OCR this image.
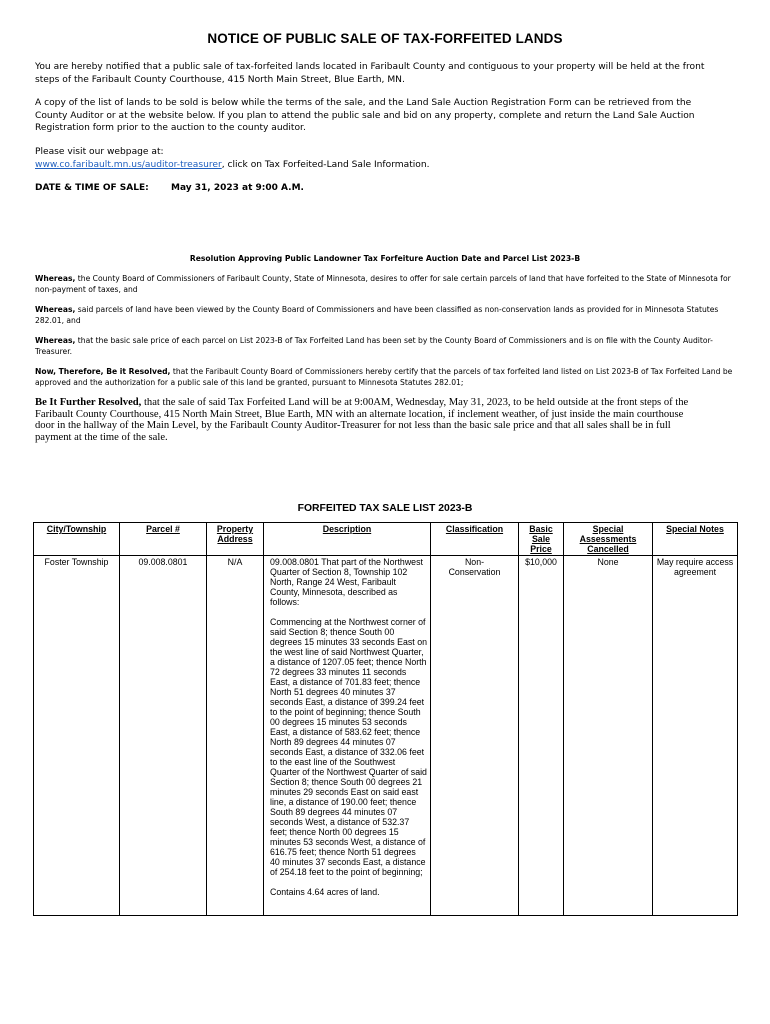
NOTICE OF PUBLIC SALE OF TAX-FORFEITED LANDS
You are hereby notified that a public sale of tax-forfeited lands located in Faribault County and contiguous to your property will be held at the front steps of the Faribault County Courthouse, 415 North Main Street, Blue Earth, MN.
A copy of the list of lands to be sold is below while the terms of the sale, and the Land Sale Auction Registration Form can be retrieved from the County Auditor or at the website below. If you plan to attend the public sale and bid on any property, complete and return the Land Sale Auction Registration form prior to the auction to the county auditor.
Please visit our webpage at:
www.co.faribault.mn.us/auditor-treasurer, click on Tax Forfeited-Land Sale Information.
DATE & TIME OF SALE: May 31, 2023 at 9:00 A.M.
Resolution Approving Public Landowner Tax Forfeiture Auction Date and Parcel List 2023-B
Whereas, the County Board of Commissioners of Faribault County, State of Minnesota, desires to offer for sale certain parcels of land that have forfeited to the State of Minnesota for non-payment of taxes, and
Whereas, said parcels of land have been viewed by the County Board of Commissioners and have been classified as non-conservation lands as provided for in Minnesota Statutes 282.01, and
Whereas, that the basic sale price of each parcel on List 2023-B of Tax Forfeited Land has been set by the County Board of Commissioners and is on file with the County Auditor-Treasurer.
Now, Therefore, Be it Resolved, that the Faribault County Board of Commissioners hereby certify that the parcels of tax forfeited land listed on List 2023-B of Tax Forfeited Land be approved and the authorization for a public sale of this land be granted, pursuant to Minnesota Statutes 282.01;
Be It Further Resolved, that the sale of said Tax Forfeited Land will be at 9:00AM, Wednesday, May 31, 2023, to be held outside at the front steps of the Faribault County Courthouse, 415 North Main Street, Blue Earth, MN with an alternate location, if inclement weather, of just inside the main courthouse door in the hallway of the Main Level, by the Faribault County Auditor-Treasurer for not less than the basic sale price and that all sales shall be in full payment at the time of the sale.
FORFEITED TAX SALE LIST 2023-B
City/Township	Parcel #	Property Address	Description	Classification	Basic Sale Price	Special Assessments Cancelled	Special Notes
Foster Township	09.008.0801	N/A	09.008.0801 That part of the Northwest Quarter of Section 8, Township 102 North, Range 24 West, Faribault
County, Minnesota, described as follows:

Commencing at the Northwest corner of said Section 8; thence South 00 degrees 15 minutes 33 seconds East on the west line of said Northwest Quarter, a distance of 1207.05 feet; thence North 72 degrees 33 minutes 11 seconds East, a distance of 701.83 feet; thence North 51 degrees 40 minutes 37 seconds East, a distance of 399.24 feet to the point of beginning; thence South 00 degrees 15 minutes 53 seconds East, a distance of 583.62 feet; thence North 89 degrees 44 minutes 07 seconds East, a distance of 332.06 feet to the east line of the Southwest Quarter of the Northwest Quarter of said Section 8; thence South 00 degrees 21 minutes 29 seconds East on said east line, a distance of 190.00 feet; thence South 89 degrees 44 minutes 07 seconds West, a distance of 532.37 feet; thence North 00 degrees 15 minutes 53 seconds West, a distance of 616.75 feet; thence North 51 degrees 40 minutes 37 seconds East, a distance of 254.18 feet to the point of beginning;

Contains 4.64 acres of land.	Non-
Conservation	$10,000	None	May require access agreement
